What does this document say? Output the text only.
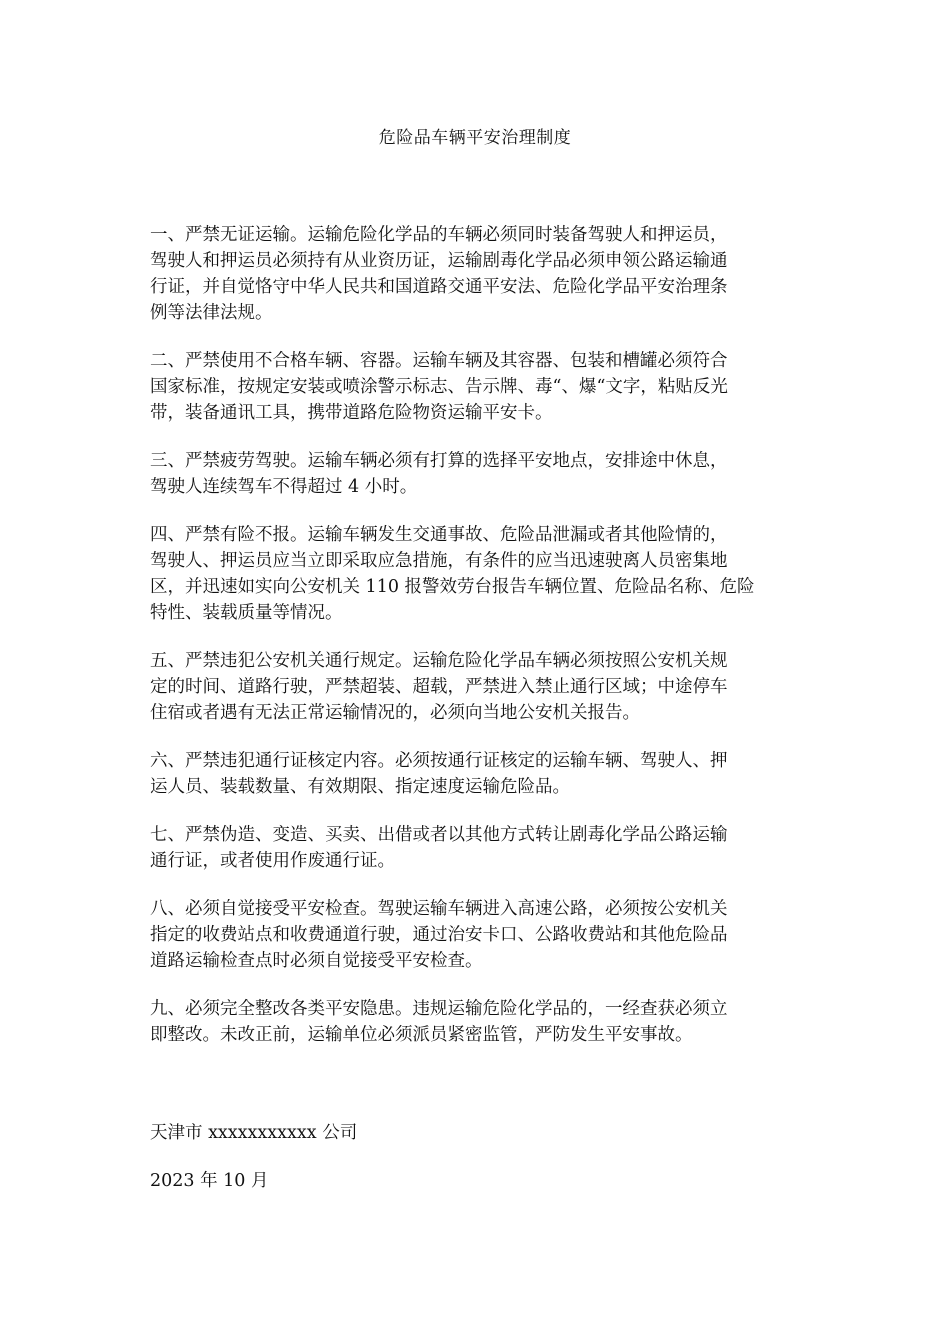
危险品车辆平安治理制度

一、严禁无证运输。运输危险化学品的车辆必须同时装备驾驶人和押运员，
驾驶人和押运员必须持有从业资历证，运输剧毒化学品必须申领公路运输通
行证，并自觉恪守中华人民共和国道路交通平安法、危险化学品平安治理条
例等法律法规。

二、严禁使用不合格车辆、容器。运输车辆及其容器、包装和槽罐必须符合
国家标准，按规定安装或喷涂警示标志、告示牌、毒“、爆“文字，粘贴反光
带，装备通讯工具，携带道路危险物资运输平安卡。

三、严禁疲劳驾驶。运输车辆必须有打算的选择平安地点，安排途中休息，
驾驶人连续驾车不得超过 4 小时。

四、严禁有险不报。运输车辆发生交通事故、危险品泄漏或者其他险情的，
驾驶人、押运员应当立即采取应急措施，有条件的应当迅速驶离人员密集地
区，并迅速如实向公安机关 110 报警效劳台报告车辆位置、危险品名称、危险
特性、装载质量等情况。

五、严禁违犯公安机关通行规定。运输危险化学品车辆必须按照公安机关规
定的时间、道路行驶，严禁超装、超载，严禁进入禁止通行区域；中途停车
住宿或者遇有无法正常运输情况的，必须向当地公安机关报告。

六、严禁违犯通行证核定内容。必须按通行证核定的运输车辆、驾驶人、押
运人员、装载数量、有效期限、指定速度运输危险品。

七、严禁伪造、变造、买卖、出借或者以其他方式转让剧毒化学品公路运输
通行证，或者使用作废通行证。

八、必须自觉接受平安检查。驾驶运输车辆进入高速公路，必须按公安机关
指定的收费站点和收费通道行驶，通过治安卡口、公路收费站和其他危险品
道路运输检查点时必须自觉接受平安检查。

九、必须完全整改各类平安隐患。违规运输危险化学品的，一经查获必须立
即整改。未改正前，运输单位必须派员紧密监管，严防发生平安事故。

天津市 xxxxxxxxxxx 公司

2023 年 10 月
